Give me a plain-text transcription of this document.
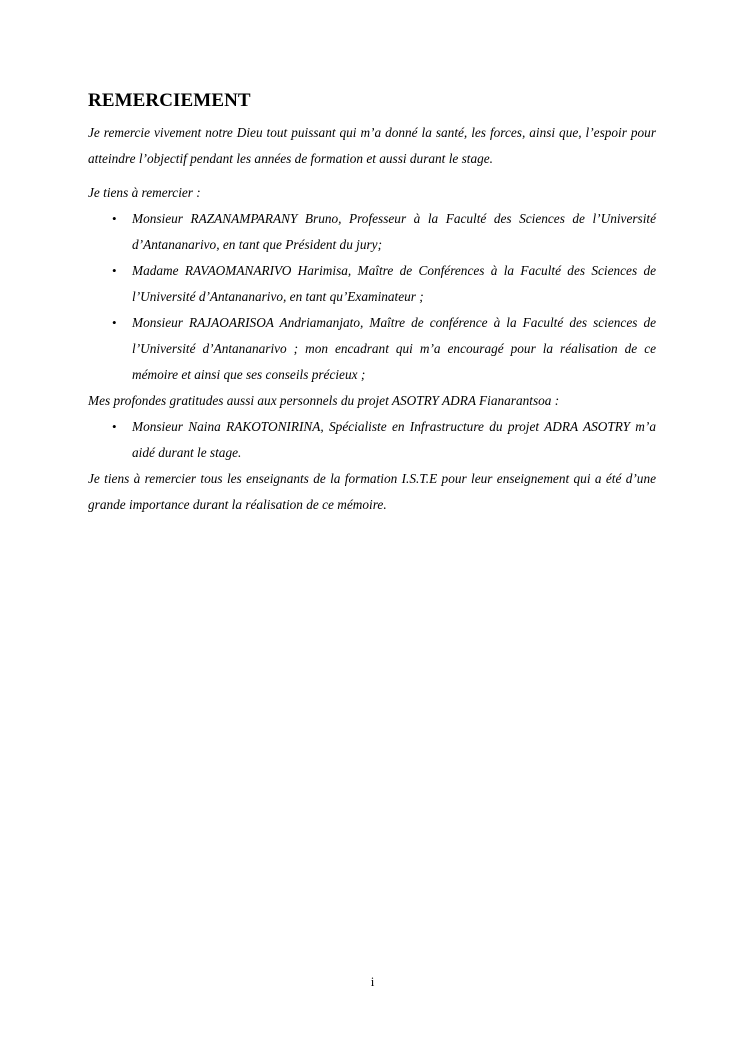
REMERCIEMENT

Je remercie vivement notre Dieu tout puissant qui m’a donné la santé, les forces, ainsi que, l’espoir pour atteindre l’objectif pendant les années de formation et aussi durant le stage.

Je tiens à remercier :

• Monsieur RAZANAMPARANY Bruno, Professeur à la Faculté des Sciences de l’Université d’Antananarivo, en tant que Président du jury;
• Madame RAVAOMANARIVO Harimisa, Maître de Conférences à la Faculté des Sciences de l’Université d’Antananarivo, en tant qu’Examinateur ;
• Monsieur RAJAOARISOA Andriamanjato, Maître de conférence à la Faculté des sciences de l’Université d’Antananarivo ; mon encadrant qui m’a encouragé pour la réalisation de ce mémoire et ainsi que ses conseils précieux ;

Mes profondes gratitudes aussi aux personnels du projet ASOTRY ADRA Fianarantsoa :

• Monsieur Naina RAKOTONIRINA, Spécialiste en Infrastructure du projet ADRA ASOTRY m’a aidé durant le stage.

Je tiens à remercier tous les enseignants de la formation I.S.T.E pour leur enseignement qui a été d’une grande importance durant la réalisation de ce mémoire.

i
